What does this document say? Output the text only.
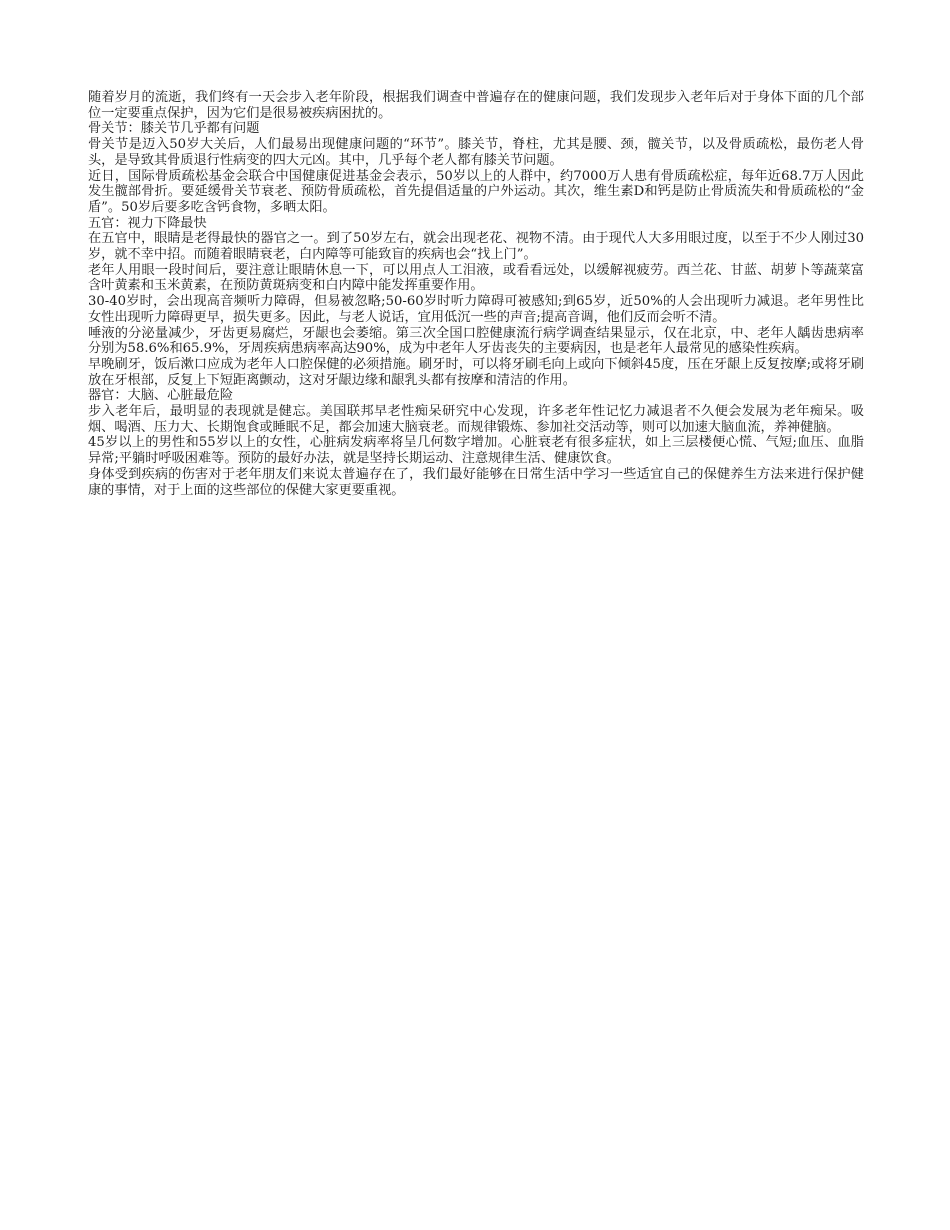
随着岁月的流逝，我们终有一天会步入老年阶段，根据我们调查中普遍存在的健康问题，我们发现步入老年后对于身体下面的几个部位一定要重点保护，因为它们是很易被疾病困扰的。

骨关节：膝关节几乎都有问题

骨关节是迈入50岁大关后，人们最易出现健康问题的“环节”。膝关节，脊柱，尤其是腰、颈，髋关节，以及骨质疏松，最伤老人骨头，是导致其骨质退行性病变的四大元凶。其中，几乎每个老人都有膝关节问题。

近日，国际骨质疏松基金会联合中国健康促进基金会表示，50岁以上的人群中，约7000万人患有骨质疏松症，每年近68.7万人因此发生髋部骨折。要延缓骨关节衰老、预防骨质疏松，首先提倡适量的户外运动。其次，维生素D和钙是防止骨质流失和骨质疏松的“金盾”。50岁后要多吃含钙食物，多晒太阳。

五官：视力下降最快

在五官中，眼睛是老得最快的器官之一。到了50岁左右，就会出现老花、视物不清。由于现代人大多用眼过度，以至于不少人刚过30岁，就不幸中招。而随着眼睛衰老，白内障等可能致盲的疾病也会“找上门”。

老年人用眼一段时间后，要注意让眼睛休息一下，可以用点人工泪液，或看看远处，以缓解视疲劳。西兰花、甘蓝、胡萝卜等蔬菜富含叶黄素和玉米黄素，在预防黄斑病变和白内障中能发挥重要作用。

30-40岁时，会出现高音频听力障碍，但易被忽略;50-60岁时听力障碍可被感知;到65岁，近50%的人会出现听力减退。老年男性比女性出现听力障碍更早，损失更多。因此，与老人说话，宜用低沉一些的声音;提高音调，他们反而会听不清。

唾液的分泌量减少，牙齿更易腐烂，牙龈也会萎缩。第三次全国口腔健康流行病学调查结果显示，仅在北京，中、老年人龋齿患病率分别为58.6%和65.9%，牙周疾病患病率高达90%，成为中老年人牙齿丧失的主要病因，也是老年人最常见的感染性疾病。

早晚刷牙，饭后漱口应成为老年人口腔保健的必须措施。刷牙时，可以将牙刷毛向上或向下倾斜45度，压在牙龈上反复按摩;或将牙刷放在牙根部，反复上下短距离颤动，这对牙龈边缘和龈乳头都有按摩和清洁的作用。

器官：大脑、心脏最危险

步入老年后，最明显的表现就是健忘。美国联邦早老性痴呆研究中心发现，许多老年性记忆力减退者不久便会发展为老年痴呆。吸烟、喝酒、压力大、长期饱食或睡眠不足，都会加速大脑衰老。而规律锻炼、参加社交活动等，则可以加速大脑血流，养神健脑。

45岁以上的男性和55岁以上的女性，心脏病发病率将呈几何数字增加。心脏衰老有很多症状，如上三层楼便心慌、气短;血压、血脂异常;平躺时呼吸困难等。预防的最好办法，就是坚持长期运动、注意规律生活、健康饮食。

身体受到疾病的伤害对于老年朋友们来说太普遍存在了，我们最好能够在日常生活中学习一些适宜自己的保健养生方法来进行保护健康的事情，对于上面的这些部位的保健大家更要重视。
